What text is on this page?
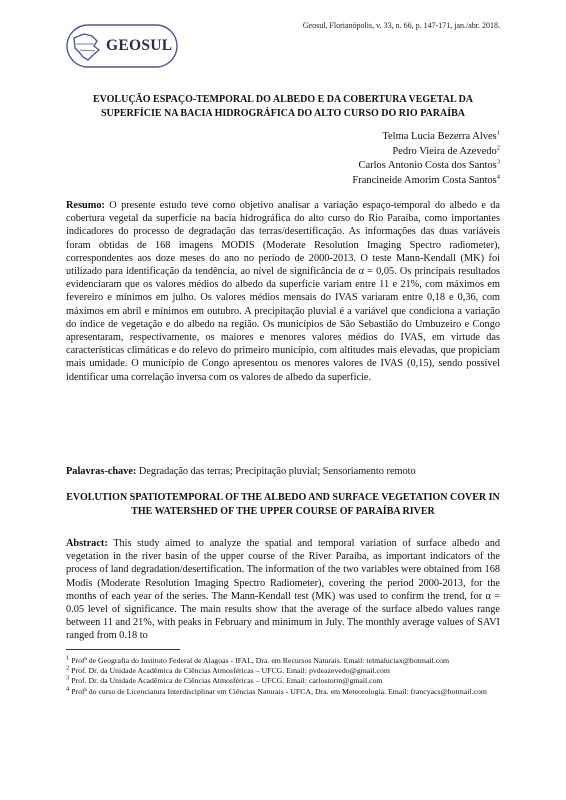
GEOSUL
Geosul, Florianópolis, v. 33, n. 66, p. 147-171, jan./abr. 2018.
EVOLUÇÃO ESPAÇO-TEMPORAL DO ALBEDO E DA COBERTURA VEGETAL DA SUPERFÍCIE NA BACIA HIDROGRÁFICA DO ALTO CURSO DO RIO PARAÍBA
Telma Lucia Bezerra Alves$^1$
Pedro Vieira de Azevedo$^2$
Carlos Antonio Costa dos Santos$^3$
Francineide Amorim Costa Santos$^4$
Resumo: O presente estudo teve como objetivo analisar a variação espaço-temporal do albedo e da cobertura vegetal da superfície na bacia hidrográfica do alto curso do Rio Paraíba, como importantes indicadores do processo de degradação das terras/desertificação. As informações das duas variáveis foram obtidas de 168 imagens MODIS (Moderate Resolution Imaging Spectro radiometer), correspondentes aos doze meses do ano no período de 2000-2013. O teste Mann-Kendall (MK) foi utilizado para identificação da tendência, ao nível de significância de α = 0,05. Os principais resultados evidenciaram que os valores médios do albedo da superfície variam entre 11 e 21%, com máximos em fevereiro e mínimos em julho. Os valores médios mensais do IVAS variaram entre 0,18 e 0,36, com máximos em abril e mínimos em outubro. A precipitação pluvial é a variável que condiciona a variação do índice de vegetação e do albedo na região. Os municípios de São Sebastião do Umbuzeiro e Congo apresentaram, respectivamente, os maiores e menores valores médios do IVAS, em virtude das características climáticas e do relevo do primeiro município, com altitudes mais elevadas, que propiciam mais umidade. O município de Congo apresentou os menores valores de IVAS (0,15), sendo possível identificar uma correlação inversa com os valores de albedo da superfície.
Palavras-chave: Degradação das terras; Precipitação pluvial; Sensoriamento remoto
EVOLUTION SPATIOTEMPORAL OF THE ALBEDO AND SURFACE VEGETATION COVER IN THE WATERSHED OF THE UPPER COURSE OF PARAÍBA RIVER
Abstract: This study aimed to analyze the spatial and temporal variation of surface albedo and vegetation in the river basin of the upper course of the River Paraíba, as important indicators of the process of land degradation/desertification. The information of the two variables were obtained from 168 Modis (Moderate Resolution Imaging Spectro Radiometer), covering the period 2000-2013, for the months of each year of the series. The Mann-Kendall test (MK) was used to confirm the trend, for α = 0.05 level of significance. The main results show that the average of the surface albedo values range between 11 and 21%, with peaks in February and minimum in July. The monthly average values of SAVI ranged from 0.18 to
$^1$ Profª de Geografia do Instituto Federal de Alagoas - IFAL, Dra. em Recursos Naturais. Email: telmaluciax@hotmail.com
$^2$ Prof. Dr. da Unidade Acadêmica de Ciências Atmosféricas – UFCG. Email: pvdeazevedo@gmail.com
$^3$ Prof. Dr. da Unidade Acadêmica de Ciências Atmosféricas – UFCG. Email: carlostorm@gmail.com
$^4$ Profª do curso de Licenciatura Interdisciplinar em Ciências Naturais - UFCA, Dra. em Meteorologia. Email: francyacs@hotmail.com
